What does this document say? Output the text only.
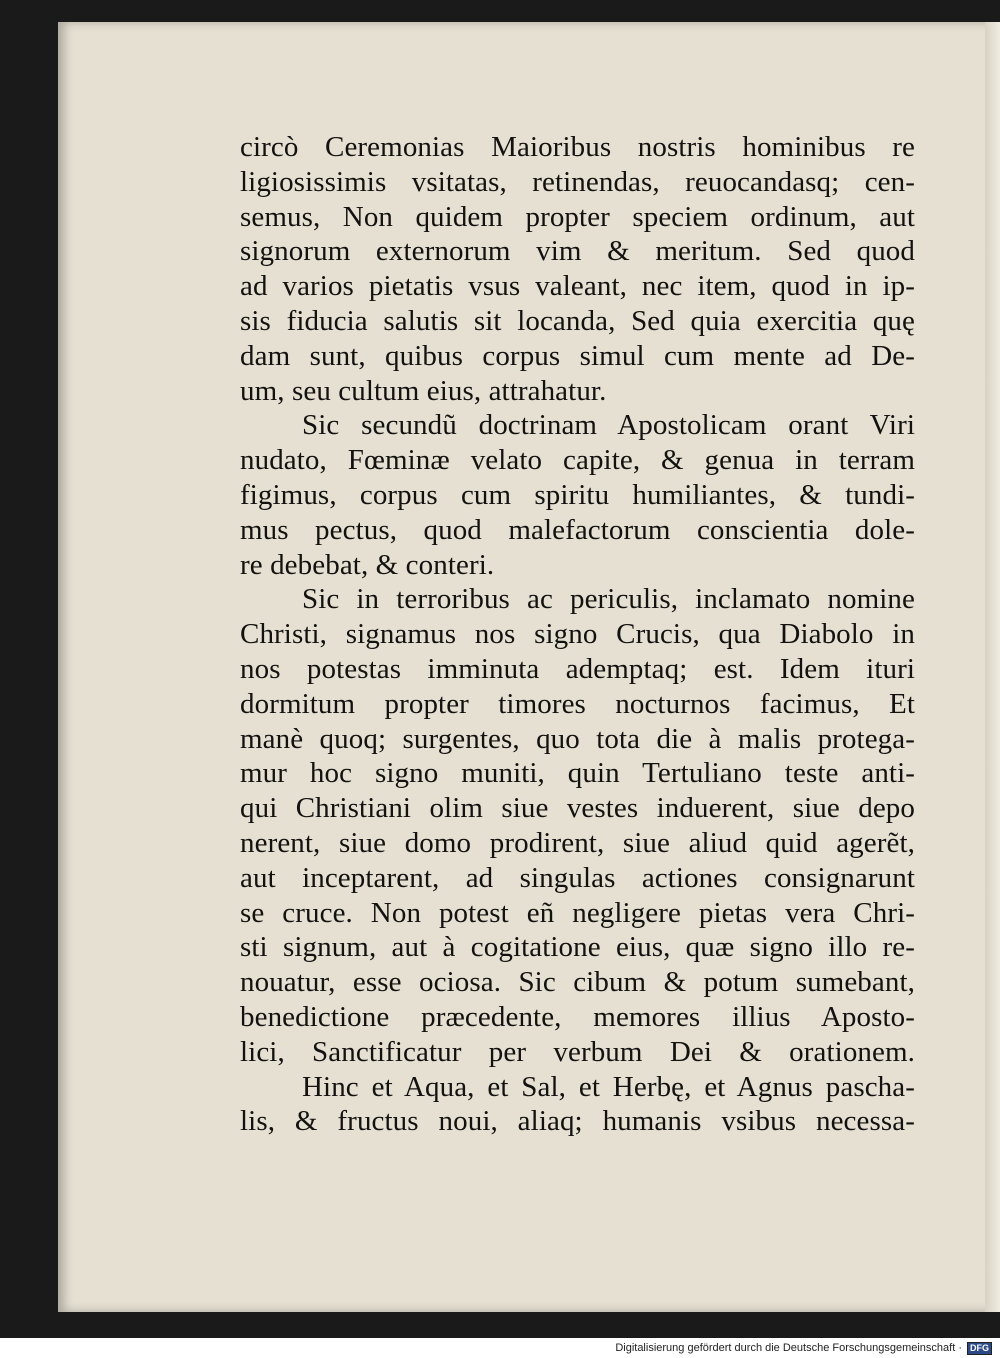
circò Ceremonias Maioribus nostris hominibus re
ligiosissimis vsitatas, retinendas, reuocandasq; cen-
semus, Non quidem propter speciem ordinum, aut
signorum externorum vim & meritum. Sed quod
ad varios pietatis vsus valeant, nec item, quod in ip-
sis fiducia salutis sit locanda, Sed quia exercitia quę
dam sunt, quibus corpus simul cum mente ad De-
um, seu cultum eius, attrahatur.
Sic secundũ doctrinam Apostolicam orant Viri
nudato, Fœminæ velato capite, & genua in terram
figimus, corpus cum spiritu humiliantes, & tundi-
mus pectus, quod malefactorum conscientia dole-
re debebat, & conteri.
Sic in terroribus ac periculis, inclamato nomine
Christi, signamus nos signo Crucis, qua Diabolo in
nos potestas imminuta ademptaq; est. Idem ituri
dormitum propter timores nocturnos facimus, Et
manè quoq; surgentes, quo tota die à malis protega-
mur hoc signo muniti, quin Tertuliano teste anti-
qui Christiani olim siue vestes induerent, siue depo
nerent, siue domo prodirent, siue aliud quid agerẽt,
aut inceptarent, ad singulas actiones consignarunt
se cruce. Non potest eñ negligere pietas vera Chri-
sti signum, aut à cogitatione eius, quæ signo illo re-
nouatur, esse ociosa. Sic cibum & potum sumebant,
benedictione præcedente, memores illius Aposto-
lici, Sanctificatur per verbum Dei & orationem.
Hinc et Aqua, et Sal, et Herbę, et Agnus pascha-
lis, & fructus noui, aliaq; humanis vsibus necessa-
Digitalisierung gefördert durch die Deutsche Forschungsgemeinschaft · DFG
